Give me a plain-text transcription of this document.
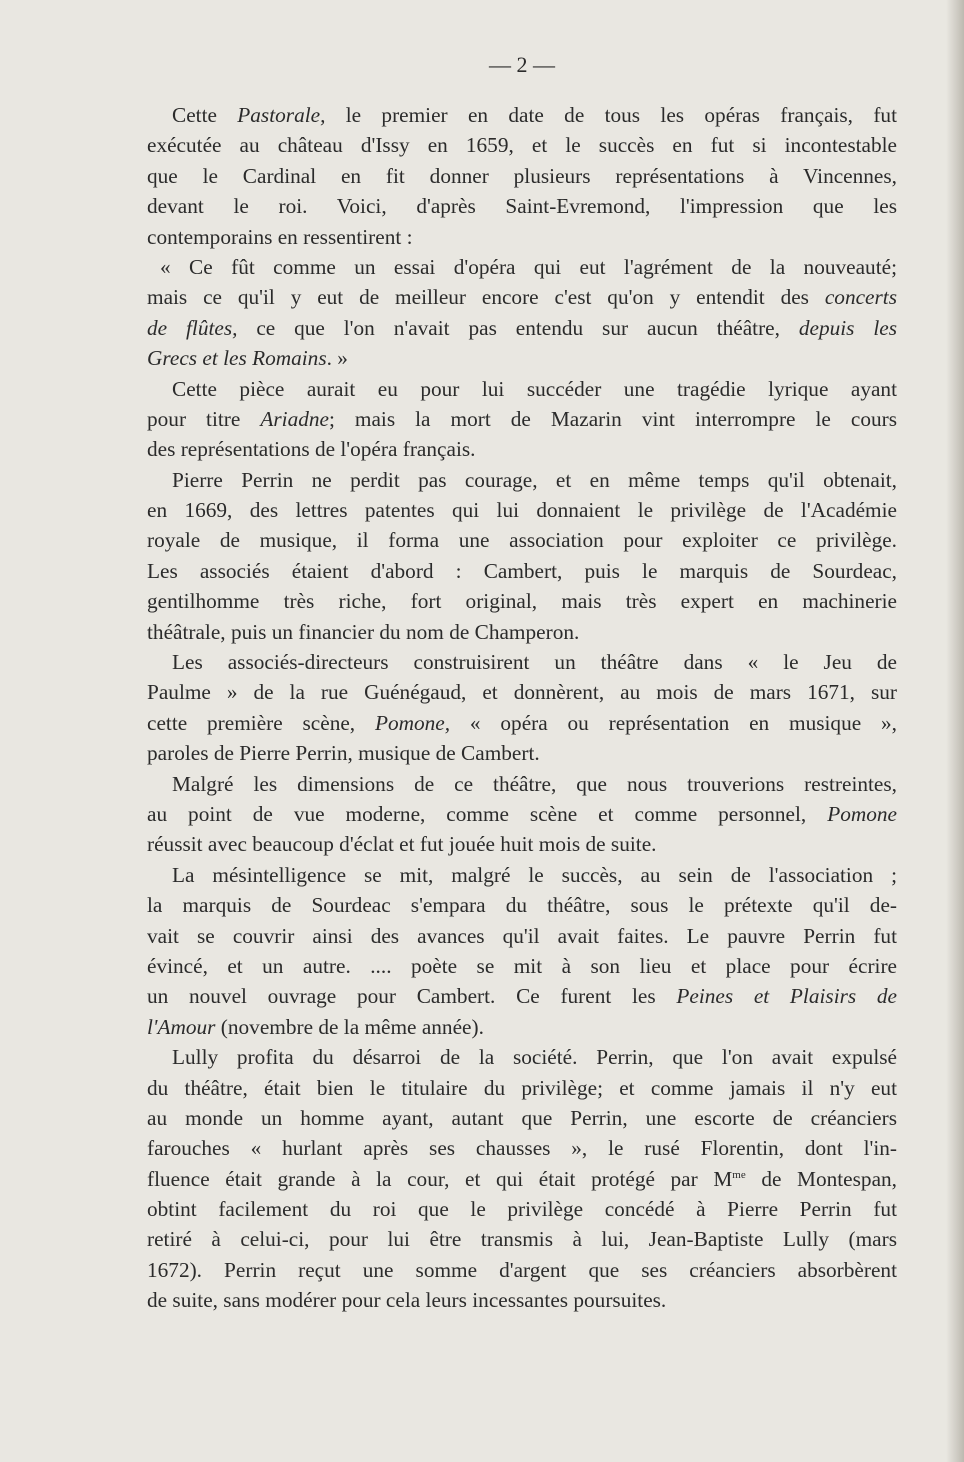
— 2 —
Cette Pastorale, le premier en date de tous les opéras français, fut
exécutée au château d'Issy en 1659, et le succès en fut si incontestable
que le Cardinal en fit donner plusieurs représentations à Vincennes,
devant le roi. Voici, d'après Saint-Evremond, l'impression que les
contemporains en ressentirent :
« Ce fût comme un essai d'opéra qui eut l'agrément de la nouveauté;
mais ce qu'il y eut de meilleur encore c'est qu'on y entendit des concerts
de flûtes, ce que l'on n'avait pas entendu sur aucun théâtre, depuis les
Grecs et les Romains. »
Cette pièce aurait eu pour lui succéder une tragédie lyrique ayant
pour titre Ariadne; mais la mort de Mazarin vint interrompre le cours
des représentations de l'opéra français.
Pierre Perrin ne perdit pas courage, et en même temps qu'il obtenait,
en 1669, des lettres patentes qui lui donnaient le privilège de l'Académie
royale de musique, il forma une association pour exploiter ce privilège.
Les associés étaient d'abord : Cambert, puis le marquis de Sourdeac,
gentilhomme très riche, fort original, mais très expert en machinerie
théâtrale, puis un financier du nom de Champeron.
Les associés-directeurs construisirent un théâtre dans « le Jeu de
Paulme » de la rue Guénégaud, et donnèrent, au mois de mars 1671, sur
cette première scène, Pomone, « opéra ou représentation en musique »,
paroles de Pierre Perrin, musique de Cambert.
Malgré les dimensions de ce théâtre, que nous trouverions restreintes,
au point de vue moderne, comme scène et comme personnel, Pomone
réussit avec beaucoup d'éclat et fut jouée huit mois de suite.
La mésintelligence se mit, malgré le succès, au sein de l'association ;
la marquis de Sourdeac s'empara du théâtre, sous le prétexte qu'il de-
vait se couvrir ainsi des avances qu'il avait faites. Le pauvre Perrin fut
évincé, et un autre. .... poète se mit à son lieu et place pour écrire
un nouvel ouvrage pour Cambert. Ce furent les Peines et Plaisirs de
l'Amour (novembre de la même année).
Lully profita du désarroi de la société. Perrin, que l'on avait expulsé
du théâtre, était bien le titulaire du privilège; et comme jamais il n'y eut
au monde un homme ayant, autant que Perrin, une escorte de créanciers
farouches « hurlant après ses chausses », le rusé Florentin, dont l'in-
fluence était grande à la cour, et qui était protégé par $M^{me}$ de Montespan,
obtint facilement du roi que le privilège concédé à Pierre Perrin fut
retiré à celui-ci, pour lui être transmis à lui, Jean-Baptiste Lully (mars
1672). Perrin reçut une somme d'argent que ses créanciers absorbèrent
de suite, sans modérer pour cela leurs incessantes poursuites.
